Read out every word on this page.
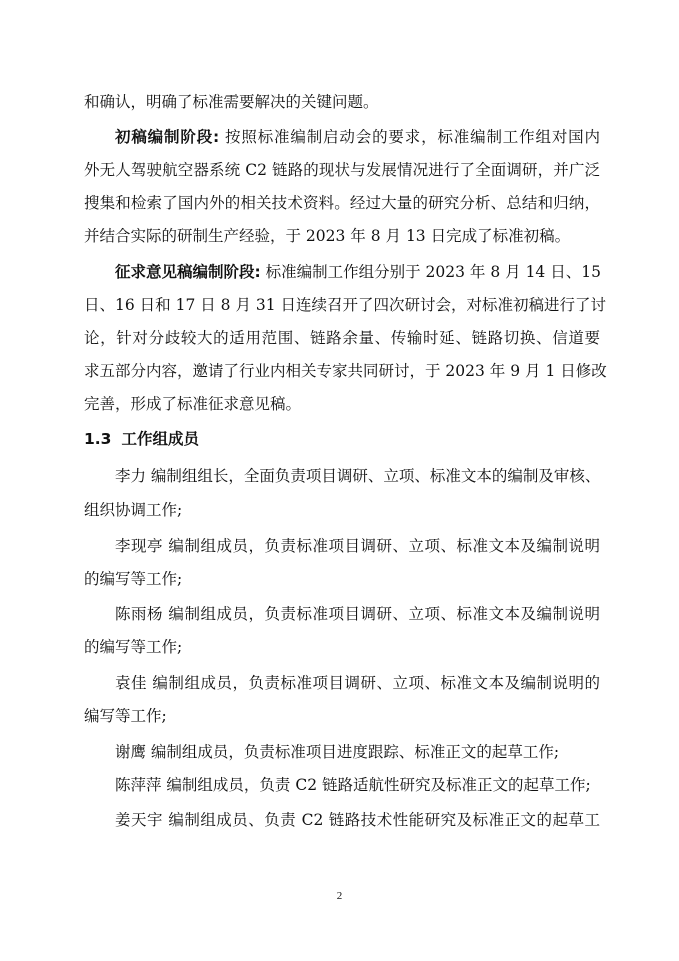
和确认，明确了标准需要解决的关键问题。
初稿编制阶段: 按照标准编制启动会的要求，标准编制工作组对国内
外无人驾驶航空器系统 C2 链路的现状与发展情况进行了全面调研，并广泛
搜集和检索了国内外的相关技术资料。经过大量的研究分析、总结和归纳，
并结合实际的研制生产经验，于 2023 年 8 月 13 日完成了标准初稿。
征求意见稿编制阶段: 标准编制工作组分别于 2023 年 8 月 14 日、15
日、16 日和 17 日 8 月 31 日连续召开了四次研讨会，对标准初稿进行了讨
论，针对分歧较大的适用范围、链路余量、传输时延、链路切换、信道要
求五部分内容，邀请了行业内相关专家共同研讨，于 2023 年 9 月 1 日修改
完善，形成了标准征求意见稿。
1.3 工作组成员
李力 编制组组长，全面负责项目调研、立项、标准文本的编制及审核、
组织协调工作;
李现亭 编制组成员，负责标准项目调研、立项、标准文本及编制说明
的编写等工作;
陈雨杨 编制组成员，负责标准项目调研、立项、标准文本及编制说明
的编写等工作;
袁佳 编制组成员，负责标准项目调研、立项、标准文本及编制说明的
编写等工作;
谢鹰 编制组成员，负责标准项目进度跟踪、标准正文的起草工作;
陈萍萍 编制组成员，负责 C2 链路适航性研究及标准正文的起草工作;
姜天宇 编制组成员、负责 C2 链路技术性能研究及标准正文的起草工
2
